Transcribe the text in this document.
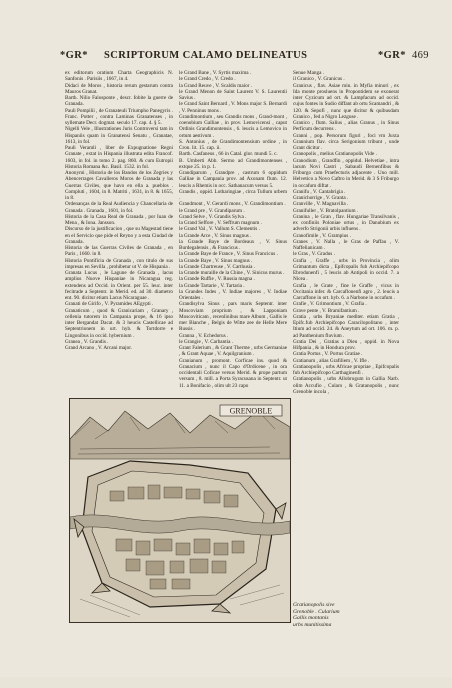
*GR* SCRIPTORUM CALAMO DELINEATUS	*GR* 469

ex editorum oratium Charta Geographicis N. Sanfonis . Parisiis , 1667, in 4.

Didaci de Moros , historia rerum gestarum contra Mauros Granat.

Barth. Nilio Falosponte , descr. fobite la guerre de Granada.

Pauli Pompilii , de Granateuli Triumpho Panegyris .

Franc. Potter , contra Laminas Granatenses , in syllemate Decr. dogmat. seculo 17. cap. 4. § 5.

Nigelli Vele , Illustrationes Juris Controversi tam in Hispaniis quam in Granatensi Senatu , Granatae, 1613, in fol.

Pauli Veramli , liber de Expugnatione Regni Granate , extat in Hispania illustrata edita Francof. 1603, in fol. in tomo 2. pag. 860. & cum Eutropii Historia Romana &c. Basil. 1532. in fol.

Anonymi , Historia de los Bandos de los Zegries y Abencerrages Cavalleros Moros de Granada y las Guerras Civiles, que havo en ella a. pueblos . Compluti , 1604, in 8. Matriti , 1631, in 8. & 1655, in 8.

Ordenanças de la Real Audiencia y Chancellaria de Granada . Granada , 1601, in fol.

Historia de la Casa Real de Granada , por Iuan de Mena , & Iona. Jansson.

Discurso de la justificacion , que su Magestad tiene en el Servicio que pide el Reyno y a esta Ciudad de Granada.

Historia de las Guerras Civiles de Granada , en Paris , 1660. in 8.

Historia Pontificia de Granada , con titulo de sus impresas en Sevilla , prohibetur ut V. de Hispania .

Granata Lucus , le Lagune de Granada , lacus amplius Nuove Hispaniae in Nicaragua reg. extendens ad Occid. in Orient. per 55. leuc. inter fecitrade a Septentr. in Merid. ed. ad 30. diametro ent. 90. dicitur etiam Lacus Nicaraguae .

Granati de Girifo , V. Pyramides AEgypti .

Granaticum , quod & Granicariam , Granary , cellenia tutorem in Campania prope, & 16 ipso inter Bergandat Dacat. & 3 heucis Castellicae ad Septentrionem in urt. hyb. & Tortdorre e Lingonibus in occid. hybernium .

Granea , V. Grandis .

Grand Arcano , V. Arcani major.

le Grand Bane , V. Syrtis maxima .

le Grand Credo , V. Credo .

la Grand Reuve , V. Scaldis maior .

le Grand Menon de Saint Laurent V. S. Laurentii Savius .

le Grand Saint Bernard , V. Mons major S. Bernardi , V. Penninus mons .

Grandimontium , seu Grandis mons , Grand-mont , coenobium Galliae , in prov. Lemovicensi , caput Ordinis Grandimontensis , 6. leucis a Lemovico in ortum aestivum .

S. Antonius , de Grandimontensium ordine , in Cron. lit. 15. cap. ii.

Barth. Casfaneus , 66 in Catal. glor. mundi 5. c.

B. Umberti Abb. Sermo ad Grandimontenses , extque 25. in p. 1.

Grandiparum , Grandpre , castrum 6 oppidum Galliae in Campania prov. ad Axonam flum. 12. leucis a Rhemis in occ. Sathanacum versus 5.

Grandis , oppid. Lotharingiae , circa Tullum urbem .

Grandmont , V. Gerardi mons , V. Grandimontium .

le Grand pre , V. Grandiparum .

Grand Selve , V. Grandis Sylva .

la Grand Seffore , V. Seffrum magnum .

le Grand Val , V. Vallum S. Clementis .

la Grande Arce , V. Sinus magnus .

la Grande Baye de Bordeaux , V. Sinus Burdegalensis , & Francicus .

la Grande Baye de France , V. Sinus Francicus .

la Grande Baye , V. Sinus magnus .

la Grande Chartreuse , V. Carthusia .

la Grande muraille de la Chine , V. Sinicus murus .

la Grande Ruffie , V. Russia magna .

la Grande Tartarie , V. Tartaria .

la Grandes Indes , V. Indiae majores , V. Indiae Orientales .

Grandisylva Sinus , pars maris Septentr. inter Moscoviam proprium , & Lapponiam Moscoviticam , recenlinibus mare Album , Gallis le mer Blanche , Belgis de Witte zee de Helle Mere Russis .

Granna , V. Echedorus .

le Grangie , V. Carbantia .

Grant Falerium , & Grant Therme , urbs Germaniae , & Grant Aquae , V. Aquilgranium .

Granianum , promont. Corficae ins. quod & Granacium , nunc il Capo d'Ordicene , in ora occidentali Coficae versus Merid. & prope partum versum , 8. mill. a Porta Syracusana in Septentr. ut 11. a Bonifacio , olim ult 23 capo

Senue Manga .

il Granico , V. Granicus .

Granicus , flav. Asiae min. in Myfia minori , ex Ida monte prosluens in Propontidem se exonerat inter Cyzicum ad ort. & Lampfacum ad occid. cujus fontes in Sudio diffant ab ortu Scamandri , & 120. & Sepofi , nunc que dicitur & quibusdam Granico , fed a Nigro Lezguse .

Granico , flum. Salius , alias Granus , in Sinus Perficum decurrens .

Granni , pop. Persorum figuri , foci vm Juxta Grannium flav. circa Serigonium tribunt , unde Grant dicitur .

Granopolis , melius Gratianopolis Vide .

Granodium , Grandfin , oppidul. Helvetiae , intra lacum Novi Castri , Sabaudi Bernenfibus & Friburgo cum Praefecturis adjacente . Uno mill. Helvetico a Novo Caftro in Merid. & 3 S Friburgo in occafum diftat .

Granifu , V. Cantabrigia .

Granichorrige , V. Granta .

Granville , V. Magnavilla .

Granifuller , V. Bratolpantium .

Granina , le Gran , flav. Hungariae Transilvanis , ex confiniis Poloniae ortus , in Danubium ex adverfo Strigonii urbis influens .

Granofimile , V. Grampius .

Granes , V. Nalla , le Gras de Paffau , V. Naffelianicam .

le Gras , V. Gradus .

Grafia , Graffe , urbs in Provincia , olim Grimantum dicta , Epifcopalis fub Archiepifcopo Ebrodunenfi , 5 leucis ab Antipoli in occid. 7. a Nicea .

Grafia , le Grate , fine le Graffe , vicus in Occitania infer. & Carcaflonenfi agro , 2. leucis a Carcaffone in ort. hyb. 6. a Narbone in occafum .

Grafie , V. Grimontium , V. Grafia .

Grave pente , V. Bramifantium .

Gratia , urbs Bryaniae mediter. etiam Gratia , Epifc.fub Archiepifcopo Caracilopolitano , inter Itium ad occid. 24. & Aneytum ad ort. 106. m. p. ad Panthenium fluvium .

Gratia Dei , Gratias a Dieu , oppid. in Nova Hifpania , & in Hondura prov.

Gratia Portus , V. Portus Gratiae .

Gratianum , alias Grafiliem , V. Ifle .

Gratianopolis , urbs Africae propriae , Epifcopalis fub Archiepifcopo Carthaginenfi .

Gratianopolis , urbs Allobrogum in Gallia Narb. olim Accufio , Cularo , & Gratanopolis , nunc Grenoble incola ,

GRENOBLE
Gratianopolis sive
Grenoble . Cularium
Gallis montanis
urbs munitissima
